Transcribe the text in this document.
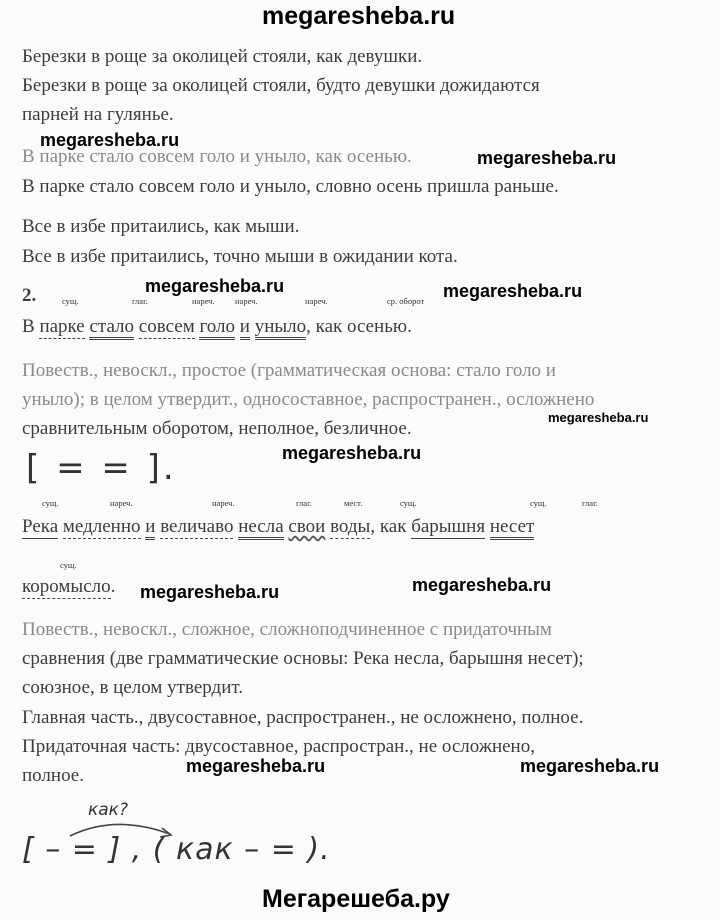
megaresheba.ru
Березки в роще за околицей стояли, как девушки.
Березки в роще за околицей стояли, будто девушки дожидаются
парней на гулянье.
megaresheba.ru
В парке стало совсем голо и уныло, как осенью.	megaresheba.ru
В парке стало совсем голо и уныло, словно осень пришла раньше.
Все в избе притаились, как мыши.
Все в избе притаились, точно мыши в ожидании кота.
2.	megaresheba.ru	megaresheba.ru
сущ.	глаг.	нареч. нареч.	нареч.	ср. оборот
В парке стало совсем голо и уныло, как осенью.
Повеств., невоскл., простое (грамматическая основа: стало голо и
уныло); в целом утвердит., односоставное, распространен., осложнено
megaresheba.ru
сравнительным оборотом, неполное, безличное.
[ = = ].	megaresheba.ru
сущ.	нареч.	нареч.	глаг.	мест.	сущ.	сущ.	глаг.
Река медленно и величаво несла свои воды, как барышня несет
сущ.
коромысло. megaresheba.ru	megaresheba.ru
Повеств., невоскл., сложное, сложноподчиненное с придаточным
сравнения (две грамматические основы: Река несла, барышня несет);
союзное, в целом утвердит.
Главная часть., двусоставное, распространен., не осложнено, полное.
Придаточная часть: двусоставное, распростран., не осложнено,
полное.	megaresheba.ru	megaresheba.ru
как?
[ – = ] , ( как – = ).
Мегарешеба.ру
